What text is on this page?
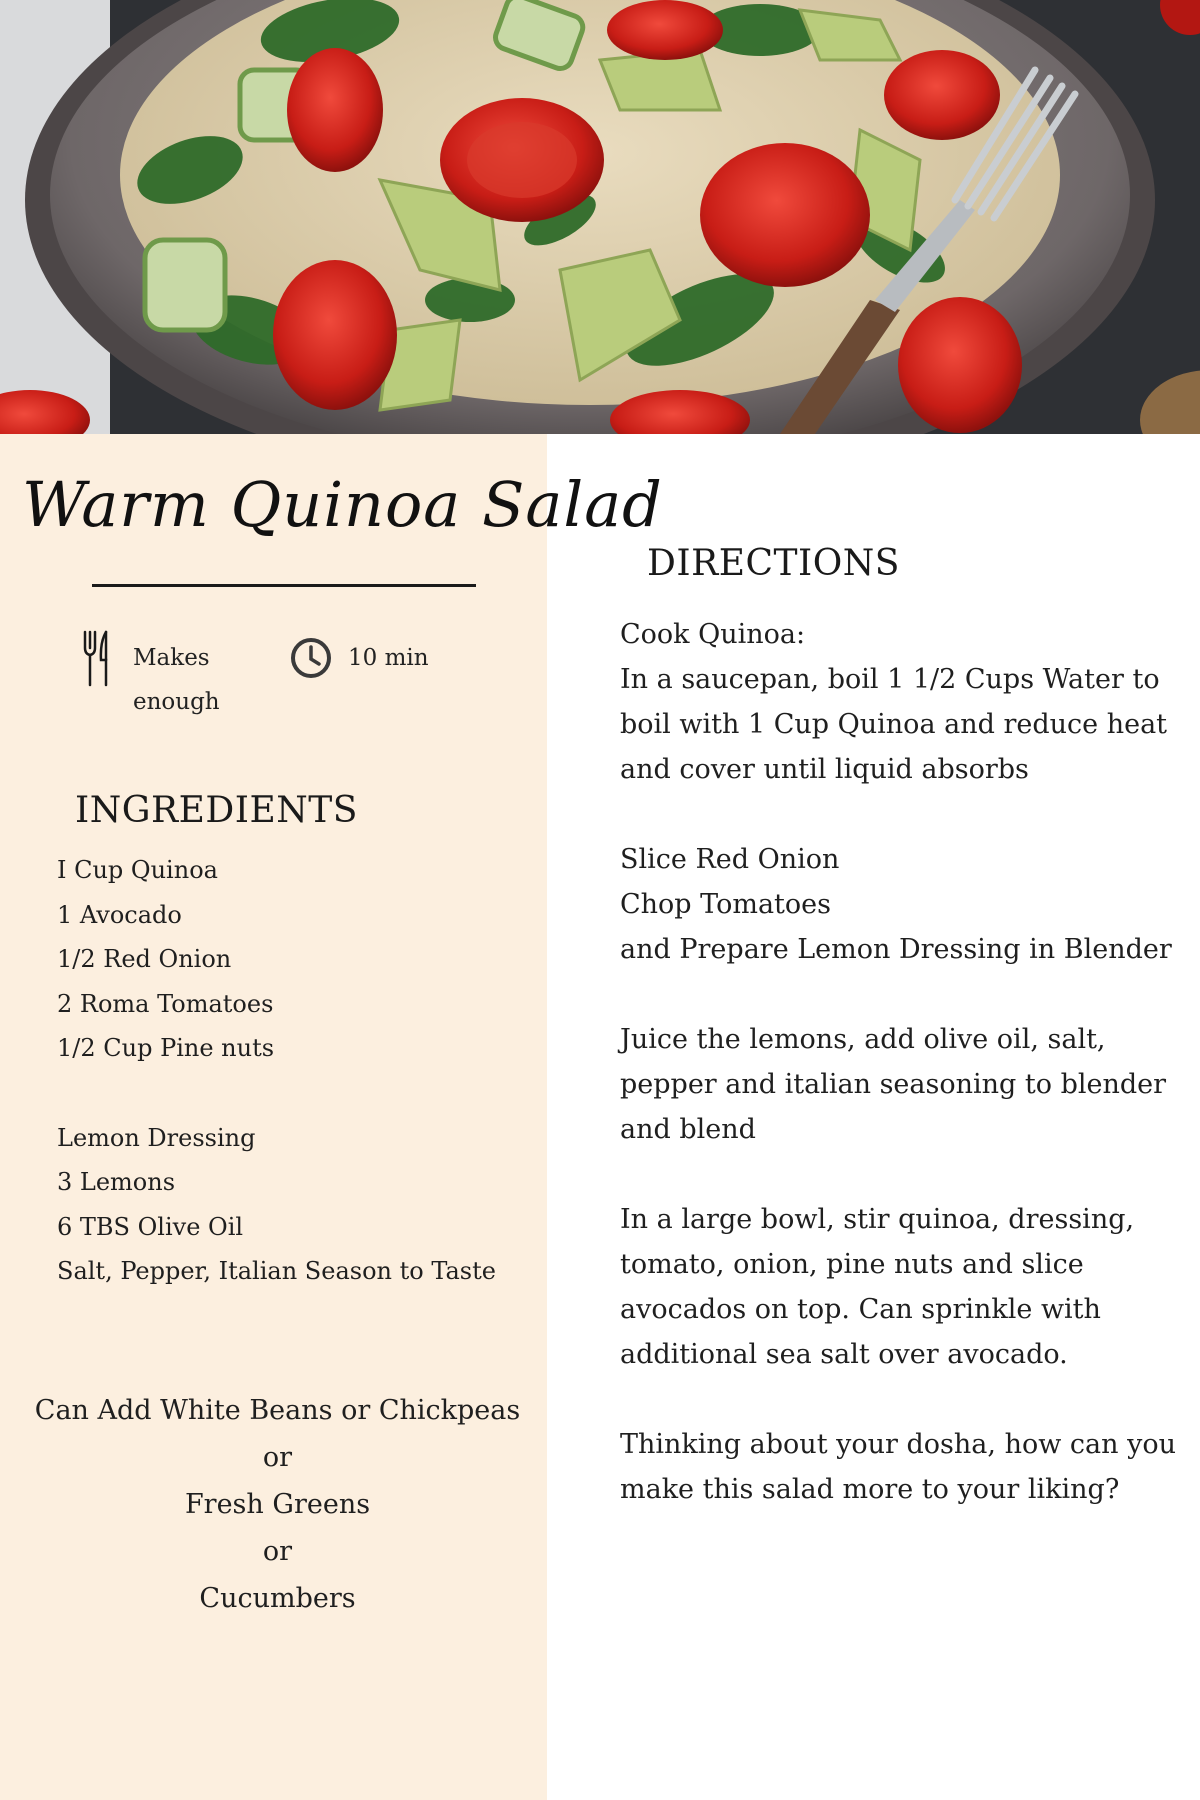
Warm Quinoa Salad
Makes
enough
10 min
INGREDIENTS
I Cup Quinoa
1 Avocado
1/2 Red Onion
2 Roma Tomatoes
1/2 Cup Pine nuts
Lemon Dressing
3 Lemons
6 TBS Olive Oil
Salt, Pepper, Italian Season to Taste
Can Add White Beans or Chickpeas
or
Fresh Greens
or
Cucumbers
DIRECTIONS
Cook Quinoa:
In a saucepan, boil 1 1/2 Cups Water to
boil with 1 Cup Quinoa and reduce heat
and cover until liquid absorbs
Slice Red Onion
Chop Tomatoes
and Prepare Lemon Dressing in Blender
Juice the lemons, add olive oil, salt,
pepper and italian seasoning to blender
and blend
In a large bowl, stir quinoa, dressing,
tomato, onion, pine nuts and slice
avocados on top. Can sprinkle with
additional sea salt over avocado.
Thinking about your dosha, how can you
make this salad more to your liking?
